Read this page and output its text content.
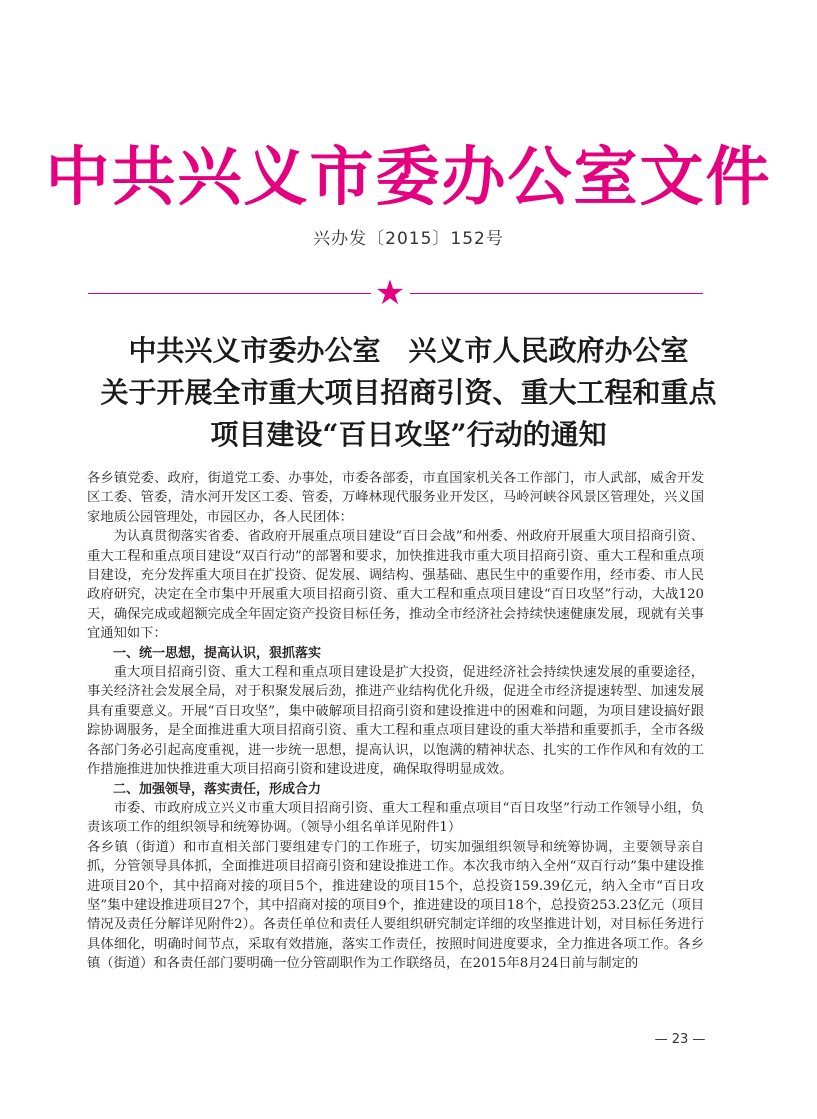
中共兴义市委办公室文件
兴办发〔2015〕152号
★
中共兴义市委办公室　兴义市人民政府办公室
关于开展全市重大项目招商引资、重大工程和重点
项目建设“百日攻坚”行动的通知

各乡镇党委、政府，街道党工委、办事处，市委各部委，市直国家机关各工作部门，市人武部，威舍开发区工委、管委，清水河开发区工委、管委，万峰林现代服务业开发区，马岭河峡谷风景区管理处，兴义国家地质公园管理处，市园区办，各人民团体：

为认真贯彻落实省委、省政府开展重点项目建设“百日会战”和州委、州政府开展重大项目招商引资、重大工程和重点项目建设“双百行动”的部署和要求，加快推进我市重大项目招商引资、重大工程和重点项目建设，充分发挥重大项目在扩投资、促发展、调结构、强基础、惠民生中的重要作用，经市委、市人民政府研究，决定在全市集中开展重大项目招商引资、重大工程和重点项目建设“百日攻坚”行动，大战120天，确保完成或超额完成全年固定资产投资目标任务，推动全市经济社会持续快速健康发展，现就有关事宜通知如下：

一、统一思想，提高认识，狠抓落实

重大项目招商引资、重大工程和重点项目建设是扩大投资，促进经济社会持续快速发展的重要途径，事关经济社会发展全局，对于积聚发展后劲，推进产业结构优化升级，促进全市经济提速转型、加速发展具有重要意义。开展“百日攻坚”，集中破解项目招商引资和建设推进中的困难和问题，为项目建设搞好跟踪协调服务，是全面推进重大项目招商引资、重大工程和重点项目建设的重大举措和重要抓手，全市各级各部门务必引起高度重视，进一步统一思想，提高认识，以饱满的精神状态、扎实的工作作风和有效的工作措施推进加快推进重大项目招商引资和建设进度，确保取得明显成效。

二、加强领导，落实责任，形成合力

市委、市政府成立兴义市重大项目招商引资、重大工程和重点项目“百日攻坚”行动工作领导小组，负责该项工作的组织领导和统筹协调。（领导小组名单详见附件1）

各乡镇（街道）和市直相关部门要组建专门的工作班子，切实加强组织领导和统筹协调，主要领导亲自抓，分管领导具体抓，全面推进项目招商引资和建设推进工作。本次我市纳入全州“双百行动”集中建设推进项目20个，其中招商对接的项目5个，推进建设的项目15个，总投资159.39亿元，纳入全市“百日攻坚”集中建设推进项目27个，其中招商对接的项目9个，推进建设的项目18个，总投资253.23亿元（项目情况及责任分解详见附件2）。各责任单位和责任人要组织研究制定详细的攻坚推进计划，对目标任务进行具体细化，明确时间节点，采取有效措施，落实工作责任，按照时间进度要求，全力推进各项工作。各乡镇（街道）和各责任部门要明确一位分管副职作为工作联络员，在2015年8月24日前与制定的

— 23 —
